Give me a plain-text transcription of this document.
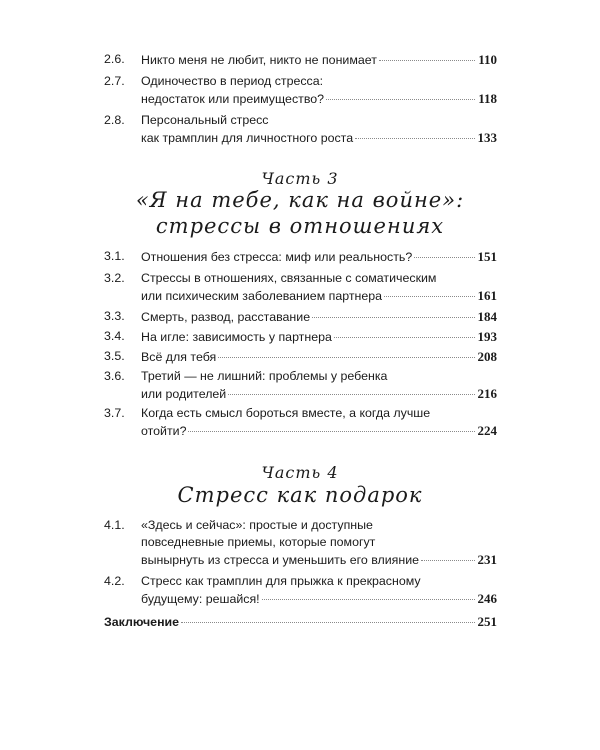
2.6. Никто меня не любит, никто не понимает	110
2.7. Одиночество в период стресса:
недостаток или преимущество?	118
2.8. Персональный стресс
как трамплин для личностного роста	133
Часть 3
«Я на тебе, как на войне»:
стрессы в отношениях
3.1. Отношения без стресса: миф или реальность?	151
3.2. Стрессы в отношениях, связанные с соматическим
или психическим заболеванием партнера	161
3.3. Смерть, развод, расставание	184
3.4. На игле: зависимость у партнера	193
3.5. Всё для тебя	208
3.6. Третий — не лишний: проблемы у ребенка
или родителей	216
3.7. Когда есть смысл бороться вместе, а когда лучше
отойти?	224
Часть 4
Стресс как подарок
4.1. «Здесь и сейчас»: простые и доступные
повседневные приемы, которые помогут
вынырнуть из стресса и уменьшить его влияние	231
4.2. Стресс как трамплин для прыжка к прекрасному
будущему: решайся!	246
Заключение	251
